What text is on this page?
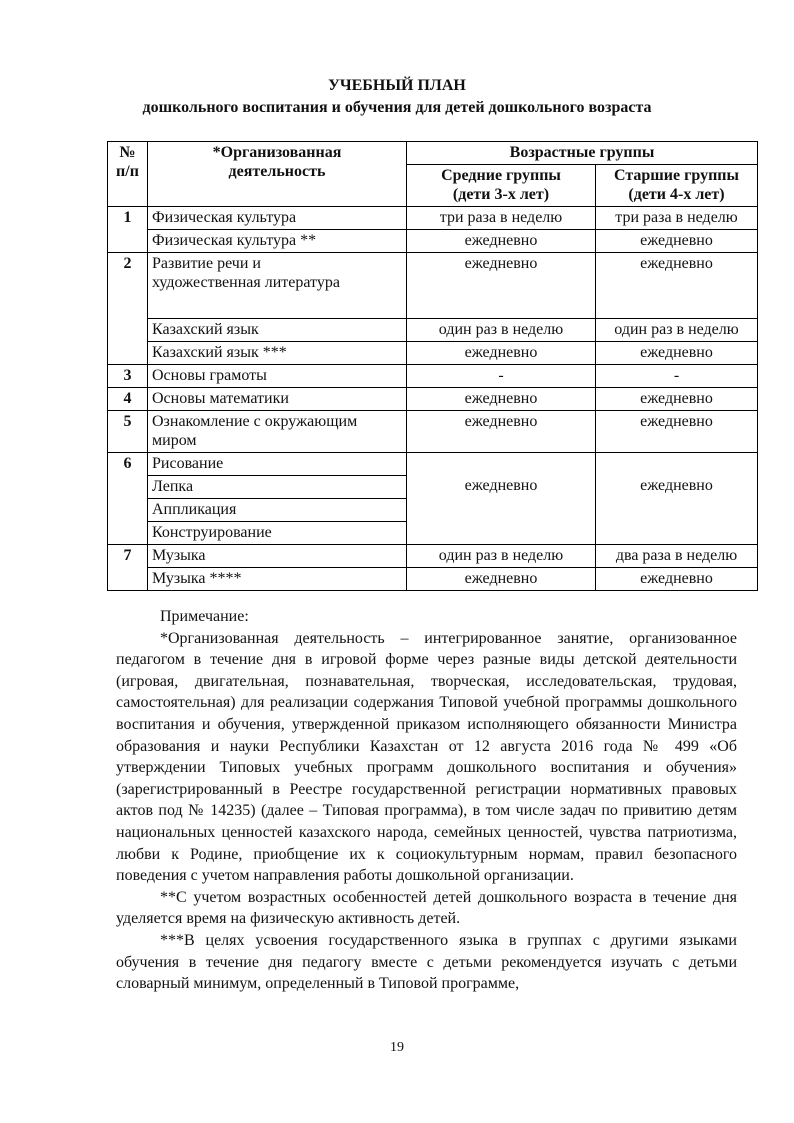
УЧЕБНЫЙ ПЛАН
дошкольного воспитания и обучения для детей дошкольного возраста
№ п/п	*Организованная деятельность	Возрастные группы	
		Средние группы (дети 3-х лет)	Старшие группы (дети 4-х лет)
1	Физическая культура	три раза в неделю	три раза в неделю
	Физическая культура **	ежедневно	ежедневно
2	Развитие речи и художественная литература	ежедневно	ежедневно
	Казахский язык	один раз в неделю	один раз в неделю
	Казахский язык ***	ежедневно	ежедневно
3	Основы грамоты	-	-
4	Основы математики	ежедневно	ежедневно
5	Ознакомление с окружающим миром	ежедневно	ежедневно
6	Рисование	ежедневно	ежедневно
	Лепка		
	Аппликация		
	Конструирование		
7	Музыка	один раз в неделю	два раза в неделю
	Музыка ****	ежедневно	ежедневно

Примечание:

*Организованная деятельность – интегрированное занятие, организованное педагогом в течение дня в игровой форме через разные виды детской деятельности (игровая, двигательная, познавательная, творческая, исследовательская, трудовая, самостоятельная) для реализации содержания Типовой учебной программы дошкольного воспитания и обучения, утвержденной приказом исполняющего обязанности Министра образования и науки Республики Казахстан от 12 августа 2016 года № 499 «Об утверждении Типовых учебных программ дошкольного воспитания и обучения» (зарегистрированный в Реестре государственной регистрации нормативных правовых актов под № 14235) (далее – Типовая программа), в том числе задач по привитию детям национальных ценностей казахского народа, семейных ценностей, чувства патриотизма, любви к Родине, приобщение их к социокультурным нормам, правил безопасного поведения с учетом направления работы дошкольной организации.

**С учетом возрастных особенностей детей дошкольного возраста в течение дня уделяется время на физическую активность детей.

***В целях усвоения государственного языка в группах с другими языками обучения в течение дня педагогу вместе с детьми рекомендуется изучать с детьми словарный минимум, определенный в Типовой программе,

19
